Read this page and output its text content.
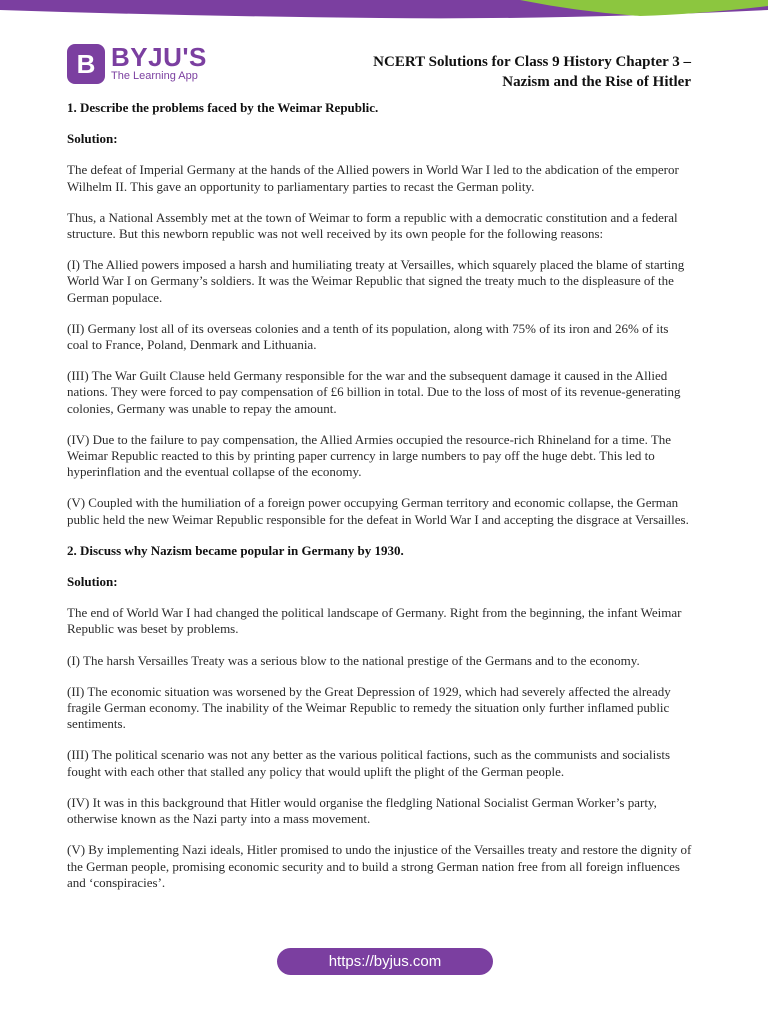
B BYJU'S
The Learning App
NCERT Solutions for Class 9 History Chapter 3 –
Nazism and the Rise of Hitler

1. Describe the problems faced by the Weimar Republic.

Solution:

The defeat of Imperial Germany at the hands of the Allied powers in World War I led to the abdication of the emperor Wilhelm II. This gave an opportunity to parliamentary parties to recast the German polity.

Thus, a National Assembly met at the town of Weimar to form a republic with a democratic constitution and a federal structure. But this newborn republic was not well received by its own people for the following reasons:

(I) The Allied powers imposed a harsh and humiliating treaty at Versailles, which squarely placed the blame of starting World War I on Germany’s soldiers. It was the Weimar Republic that signed the treaty much to the displeasure of the German populace.

(II) Germany lost all of its overseas colonies and a tenth of its population, along with 75% of its iron and 26% of its coal to France, Poland, Denmark and Lithuania.

(III) The War Guilt Clause held Germany responsible for the war and the subsequent damage it caused in the Allied nations. They were forced to pay compensation of £6 billion in total. Due to the loss of most of its revenue-generating colonies, Germany was unable to repay the amount.

(IV) Due to the failure to pay compensation, the Allied Armies occupied the resource-rich Rhineland for a time. The Weimar Republic reacted to this by printing paper currency in large numbers to pay off the huge debt. This led to hyperinflation and the eventual collapse of the economy.

(V) Coupled with the humiliation of a foreign power occupying German territory and economic collapse, the German public held the new Weimar Republic responsible for the defeat in World War I and accepting the disgrace at Versailles.

2. Discuss why Nazism became popular in Germany by 1930.

Solution:

The end of World War I had changed the political landscape of Germany. Right from the beginning, the infant Weimar Republic was beset by problems.

(I) The harsh Versailles Treaty was a serious blow to the national prestige of the Germans and to the economy.

(II) The economic situation was worsened by the Great Depression of 1929, which had severely affected the already fragile German economy. The inability of the Weimar Republic to remedy the situation only further inflamed public sentiments.

(III) The political scenario was not any better as the various political factions, such as the communists and socialists fought with each other that stalled any policy that would uplift the plight of the German people.

(IV) It was in this background that Hitler would organise the fledgling National Socialist German Worker’s party, otherwise known as the Nazi party into a mass movement.

(V) By implementing Nazi ideals, Hitler promised to undo the injustice of the Versailles treaty and restore the dignity of the German people, promising economic security and to build a strong German nation free from all foreign influences and ‘conspiracies’.

https://byjus.com
